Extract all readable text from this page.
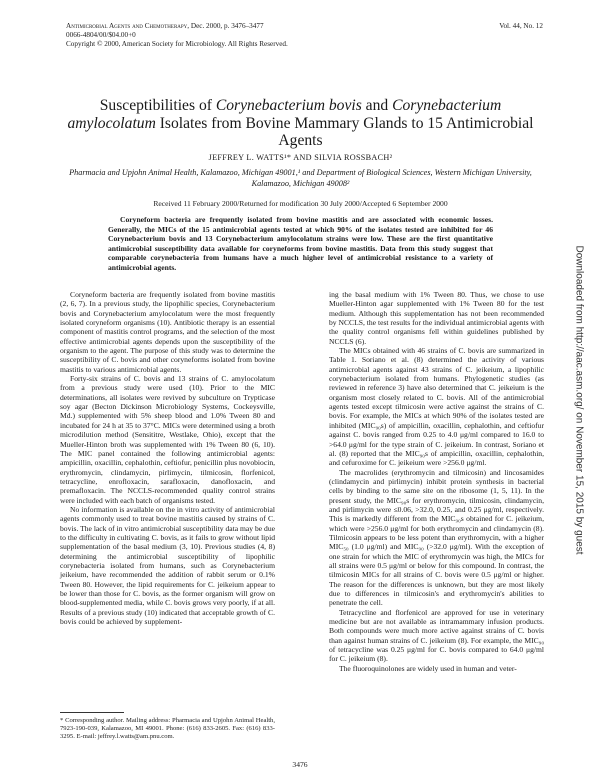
Antimicrobial Agents and Chemotherapy, Dec. 2000, p. 3476–3477
0066-4804/00/$04.00+0
Copyright © 2000, American Society for Microbiology. All Rights Reserved.
Vol. 44, No. 12
Susceptibilities of Corynebacterium bovis and Corynebacterium amylocolatum Isolates from Bovine Mammary Glands to 15 Antimicrobial Agents
JEFFREY L. WATTS¹* AND SILVIA ROSSBACH²
Pharmacia and Upjohn Animal Health, Kalamazoo, Michigan 49001,¹ and Department of Biological Sciences, Western Michigan University, Kalamazoo, Michigan 49008²
Received 11 February 2000/Returned for modification 30 July 2000/Accepted 6 September 2000
Coryneform bacteria are frequently isolated from bovine mastitis and are associated with economic losses. Generally, the MICs of the 15 antimicrobial agents tested at which 90% of the isolates tested are inhibited for 46 Corynebacterium bovis and 13 Corynebacterium amylocolatum strains were low. These are the first quantitative antimicrobial susceptibility data available for coryneforms from bovine mastitis. Data from this study suggest that comparable corynebacteria from humans have a much higher level of antimicrobial resistance to a variety of antimicrobial agents.

Coryneform bacteria are frequently isolated from bovine mastitis (2, 6, 7). In a previous study, the lipophilic species, Corynebacterium bovis and Corynebacterium amylocolatum were the most frequently isolated coryneform organisms (10). Antibiotic therapy is an essential component of mastitis control programs, and the selection of the most effective antimicrobial agents depends upon the susceptibility of the organism to the agent. The purpose of this study was to determine the susceptibility of C. bovis and other coryneforms isolated from bovine mastitis to various antimicrobial agents.

Forty-six strains of C. bovis and 13 strains of C. amylocolatum from a previous study were used (10). Prior to the MIC determinations, all isolates were revived by subculture on Trypticase soy agar (Becton Dickinson Microbiology Systems, Cockeysville, Md.) supplemented with 5% sheep blood and 1.0% Tween 80 and incubated for 24 h at 35 to 37°C. MICs were determined using a broth microdilution method (Sensititre, Westlake, Ohio), except that the Mueller-Hinton broth was supplemented with 1% Tween 80 (6, 10). The MIC panel contained the following antimicrobial agents: ampicillin, oxacillin, cephalothin, ceftiofur, penicillin plus novobiocin, erythromycin, clindamycin, pirlimycin, tilmicosin, florfenicol, tetracycline, enrofloxacin, sarafloxacin, danofloxacin, and premafloxacin. The NCCLS-recommended quality control strains were included with each batch of organisms tested.

No information is available on the in vitro activity of antimicrobial agents commonly used to treat bovine mastitis caused by strains of C. bovis. The lack of in vitro antimicrobial susceptibility data may be due to the difficulty in cultivating C. bovis, as it fails to grow without lipid supplementation of the basal medium (3, 10). Previous studies (4, 8) determining the antimicrobial susceptibility of lipophilic corynebacteria isolated from humans, such as Corynebacterium jeikeium, have recommended the addition of rabbit serum or 0.1% Tween 80. However, the lipid requirements for C. jeikeium appear to be lower than those for C. bovis, as the former organism will grow on blood-supplemented media, while C. bovis grows very poorly, if at all. Results of a previous study (10) indicated that acceptable growth of C. bovis could be achieved by supplement-

ing the basal medium with 1% Tween 80. Thus, we chose to use Mueller-Hinton agar supplemented with 1% Tween 80 for the test medium. Although this supplementation has not been recommended by NCCLS, the test results for the individual antimicrobial agents with the quality control organisms fell within guidelines published by NCCLS (6).

The MICs obtained with 46 strains of C. bovis are summarized in Table 1. Soriano et al. (8) determined the activity of various antimicrobial agents against 43 strains of C. jeikeium, a lipophilic corynebacterium isolated from humans. Phylogenetic studies (as reviewed in reference 3) have also determined that C. jeikeium is the organism most closely related to C. bovis. All of the antimicrobial agents tested except tilmicosin were active against the strains of C. bovis. For example, the MICs at which 90% of the isolates tested are inhibited (MIC₉₀s) of ampicillin, oxacillin, cephalothin, and ceftiofur against C. bovis ranged from 0.25 to 4.0 μg/ml compared to 16.0 to >64.0 μg/ml for the type strain of C. jeikeium. In contrast, Soriano et al. (8) reported that the MIC₉₀s of ampicillin, oxacillin, cephalothin, and cefuroxime for C. jeikeium were >256.0 μg/ml.

The macrolides (erythromycin and tilmicosin) and lincosamides (clindamycin and pirlimycin) inhibit protein synthesis in bacterial cells by binding to the same site on the ribosome (1, 5, 11). In the present study, the MIC₉₀s for erythromycin, tilmicosin, clindamycin, and pirlimycin were ≤0.06, >32.0, 0.25, and 0.25 μg/ml, respectively. This is markedly different from the MIC₉₀s obtained for C. jeikeium, which were >256.0 μg/ml for both erythromycin and clindamycin (8). Tilmicosin appears to be less potent than erythromycin, with a higher MIC₅₀ (1.0 μg/ml) and MIC₉₀ (>32.0 μg/ml). With the exception of one strain for which the MIC of erythromycin was high, the MICs for all strains were 0.5 μg/ml or below for this compound. In contrast, the tilmicosin MICs for all strains of C. bovis were 0.5 μg/ml or higher. The reason for the differences is unknown, but they are most likely due to differences in tilmicosin's and erythromycin's abilities to penetrate the cell.

Tetracycline and florfenicol are approved for use in veterinary medicine but are not available as intramammary infusion products. Both compounds were much more active against strains of C. bovis than against human strains of C. jeikeium (8). For example, the MIC₉₀ of tetracycline was 0.25 μg/ml for C. bovis compared to 64.0 μg/ml for C. jeikeium (8).

The fluoroquinolones are widely used in human and veter-

* Corresponding author. Mailing address: Pharmacia and Upjohn Animal Health, 7923-190-039, Kalamazoo, MI 49001. Phone: (616) 833-2605. Fax: (616) 833-3295. E-mail: jeffrey.l.watts@am.pnu.com.
3476
Downloaded from http://aac.asm.org/ on November 15, 2015 by guest
